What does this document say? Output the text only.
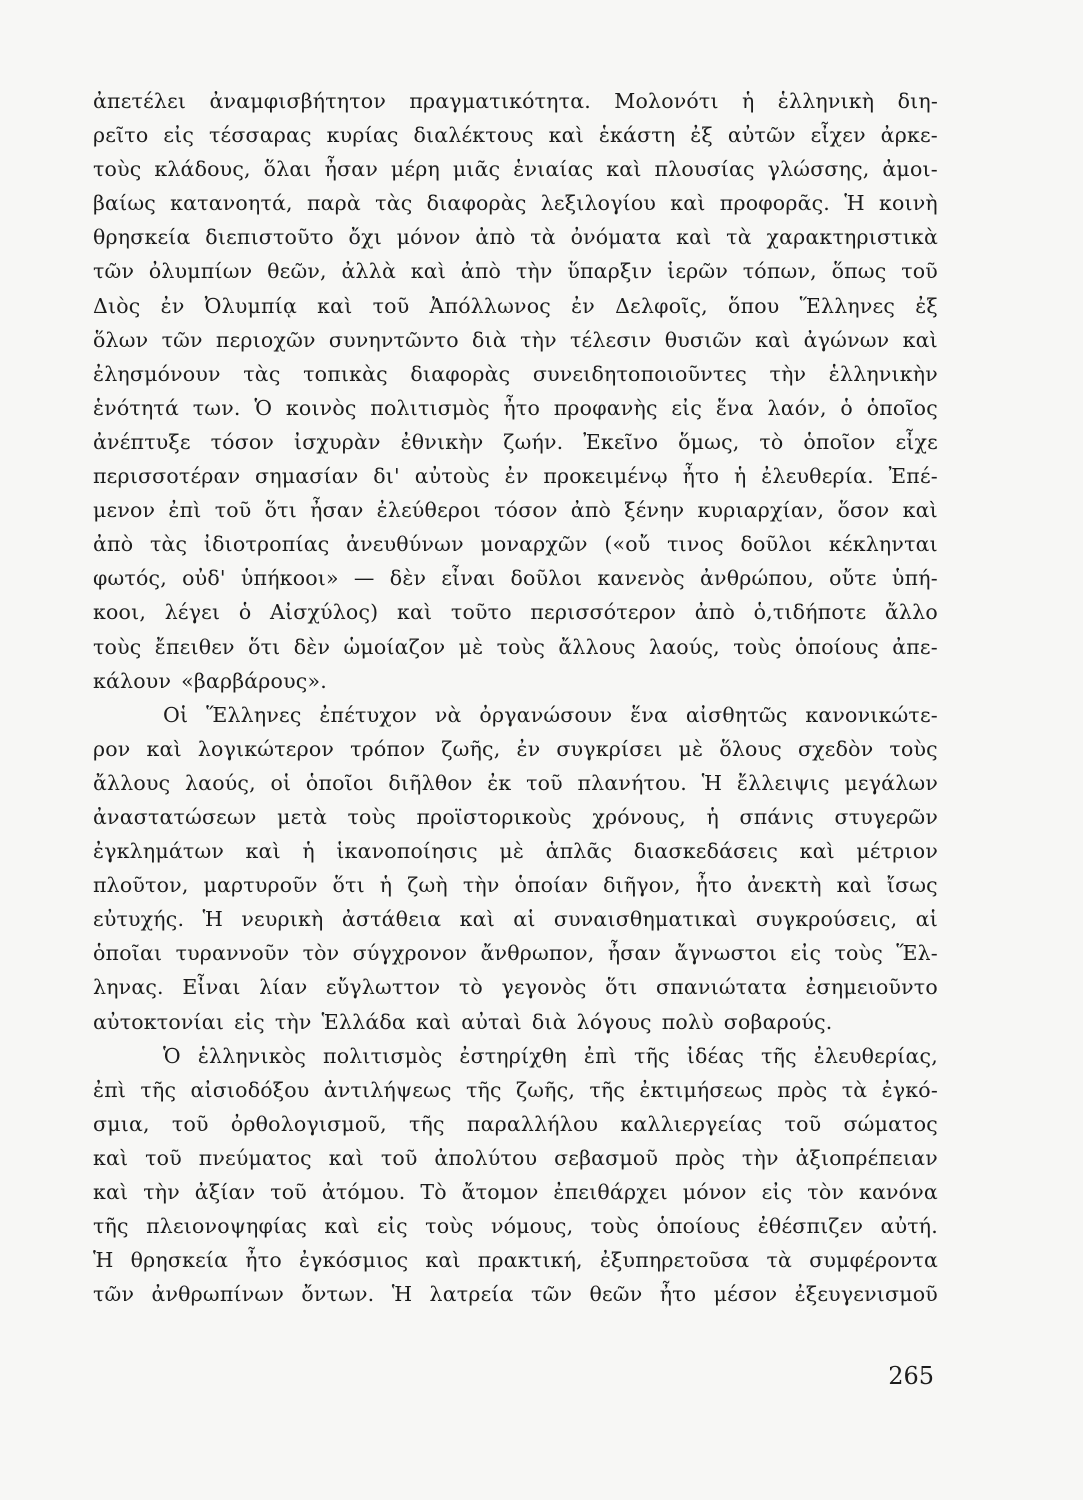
ἀπετέλει ἀναμφισβήτητον πραγματικότητα. Μολονότι ἡ ἑλληνικὴ διη-
ρεῖτο εἰς τέσσαρας κυρίας διαλέκτους καὶ ἑκάστη ἐξ αὐτῶν εἶχεν ἀρκε-
τοὺς κλάδους, ὅλαι ἦσαν μέρη μιᾶς ἑνιαίας καὶ πλουσίας γλώσσης, ἀμοι-
βαίως κατανοητά, παρὰ τὰς διαφορὰς λεξιλογίου καὶ προφορᾶς. Ἡ κοινὴ
θρησκεία διεπιστοῦτο ὄχι μόνον ἀπὸ τὰ ὀνόματα καὶ τὰ χαρακτηριστικὰ
τῶν ὀλυμπίων θεῶν, ἀλλὰ καὶ ἀπὸ τὴν ὕπαρξιν ἱερῶν τόπων, ὅπως τοῦ
Διὸς ἐν Ὀλυμπίᾳ καὶ τοῦ Ἀπόλλωνος ἐν Δελφοῖς, ὅπου Ἕλληνες ἐξ
ὅλων τῶν περιοχῶν συνηντῶντο διὰ τὴν τέλεσιν θυσιῶν καὶ ἀγώνων καὶ
ἐλησμόνουν τὰς τοπικὰς διαφορὰς συνειδητοποιοῦντες τὴν ἑλληνικὴν
ἑνότητά των. Ὁ κοινὸς πολιτισμὸς ἦτο προφανὴς εἰς ἕνα λαόν, ὁ ὁποῖος
ἀνέπτυξε τόσον ἰσχυρὰν ἐθνικὴν ζωήν. Ἐκεῖνο ὅμως, τὸ ὁποῖον εἶχε
περισσοτέραν σημασίαν δι' αὐτοὺς ἐν προκειμένῳ ἦτο ἡ ἐλευθερία. Ἐπέ-
μενον ἐπὶ τοῦ ὅτι ἦσαν ἐλεύθεροι τόσον ἀπὸ ξένην κυριαρχίαν, ὅσον καὶ
ἀπὸ τὰς ἰδιοτροπίας ἀνευθύνων μοναρχῶν («οὔ τινος δοῦλοι κέκληνται
φωτός, οὐδ' ὑπήκοοι» — δὲν εἶναι δοῦλοι κανενὸς ἀνθρώπου, οὔτε ὑπή-
κοοι, λέγει ὁ Αἰσχύλος) καὶ τοῦτο περισσότερον ἀπὸ ὁ,τιδήποτε ἄλλο
τοὺς ἔπειθεν ὅτι δὲν ὡμοίαζον μὲ τοὺς ἄλλους λαούς, τοὺς ὁποίους ἀπε-
κάλουν «βαρβάρους».
Οἱ Ἕλληνες ἐπέτυχον νὰ ὀργανώσουν ἕνα αἰσθητῶς κανονικώτε-
ρον καὶ λογικώτερον τρόπον ζωῆς, ἐν συγκρίσει μὲ ὅλους σχεδὸν τοὺς
ἄλλους λαούς, οἱ ὁποῖοι διῆλθον ἐκ τοῦ πλανήτου. Ἡ ἔλλειψις μεγάλων
ἀναστατώσεων μετὰ τοὺς προϊστορικοὺς χρόνους, ἡ σπάνις στυγερῶν
ἐγκλημάτων καὶ ἡ ἱκανοποίησις μὲ ἁπλᾶς διασκεδάσεις καὶ μέτριον
πλοῦτον, μαρτυροῦν ὅτι ἡ ζωὴ τὴν ὁποίαν διῆγον, ἦτο ἀνεκτὴ καὶ ἴσως
εὐτυχής. Ἡ νευρικὴ ἀστάθεια καὶ αἱ συναισθηματικαὶ συγκρούσεις, αἱ
ὁποῖαι τυραννοῦν τὸν σύγχρονον ἄνθρωπον, ἦσαν ἄγνωστοι εἰς τοὺς Ἕλ-
ληνας. Εἶναι λίαν εὔγλωττον τὸ γεγονὸς ὅτι σπανιώτατα ἐσημειοῦντο
αὐτοκτονίαι εἰς τὴν Ἑλλάδα καὶ αὐταὶ διὰ λόγους πολὺ σοβαρούς.
Ὁ ἑλληνικὸς πολιτισμὸς ἐστηρίχθη ἐπὶ τῆς ἰδέας τῆς ἐλευθερίας,
ἐπὶ τῆς αἰσιοδόξου ἀντιλήψεως τῆς ζωῆς, τῆς ἐκτιμήσεως πρὸς τὰ ἐγκό-
σμια, τοῦ ὀρθολογισμοῦ, τῆς παραλλήλου καλλιεργείας τοῦ σώματος
καὶ τοῦ πνεύματος καὶ τοῦ ἀπολύτου σεβασμοῦ πρὸς τὴν ἀξιοπρέπειαν
καὶ τὴν ἀξίαν τοῦ ἀτόμου. Τὸ ἄτομον ἐπειθάρχει μόνον εἰς τὸν κανόνα
τῆς πλειονοψηφίας καὶ εἰς τοὺς νόμους, τοὺς ὁποίους ἐθέσπιζεν αὐτή.
Ἡ θρησκεία ἦτο ἐγκόσμιος καὶ πρακτική, ἐξυπηρετοῦσα τὰ συμφέροντα
τῶν ἀνθρωπίνων ὄντων. Ἡ λατρεία τῶν θεῶν ἦτο μέσον ἐξευγενισμοῦ
265
